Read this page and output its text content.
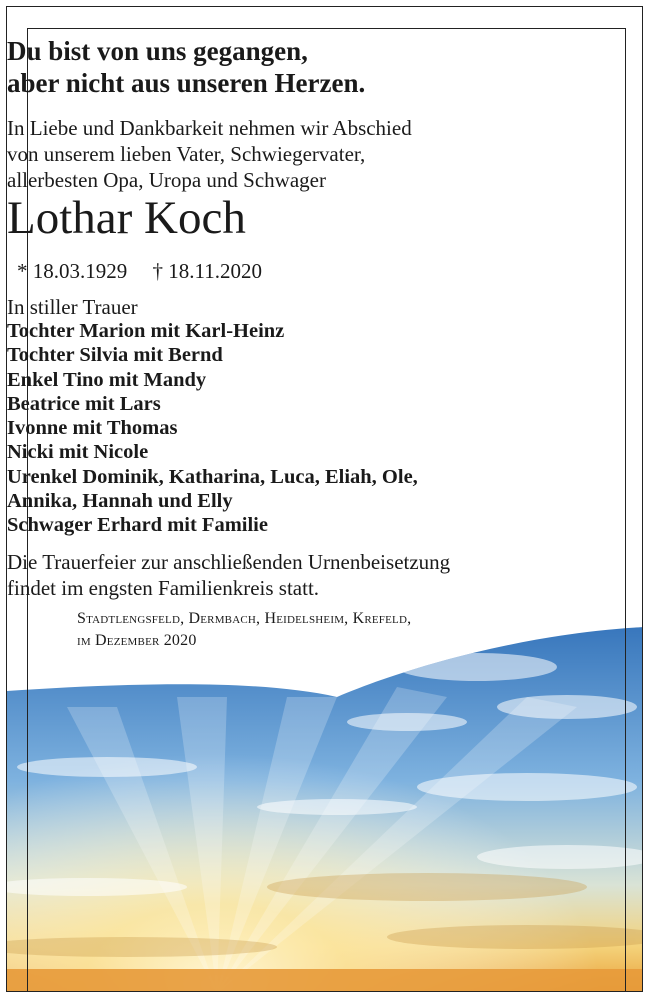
Du bist von uns gegangen,
aber nicht aus unseren Herzen.
In Liebe und Dankbarkeit nehmen wir Abschied
von unserem lieben Vater, Schwiegervater,
allerbesten Opa, Uropa und Schwager
Lothar Koch
* 18.03.1929 † 18.11.2020
In stiller Trauer
Tochter Marion mit Karl-Heinz
Tochter Silvia mit Bernd
Enkel Tino mit Mandy
Beatrice mit Lars
Ivonne mit Thomas
Nicki mit Nicole
Urenkel Dominik, Katharina, Luca, Eliah, Ole,
Annika, Hannah und Elly
Schwager Erhard mit Familie
Die Trauerfeier zur anschließenden Urnenbeisetzung
findet im engsten Familienkreis statt.
Stadtlengsfeld, Dermbach, Heidelsheim, Krefeld,
im Dezember 2020
